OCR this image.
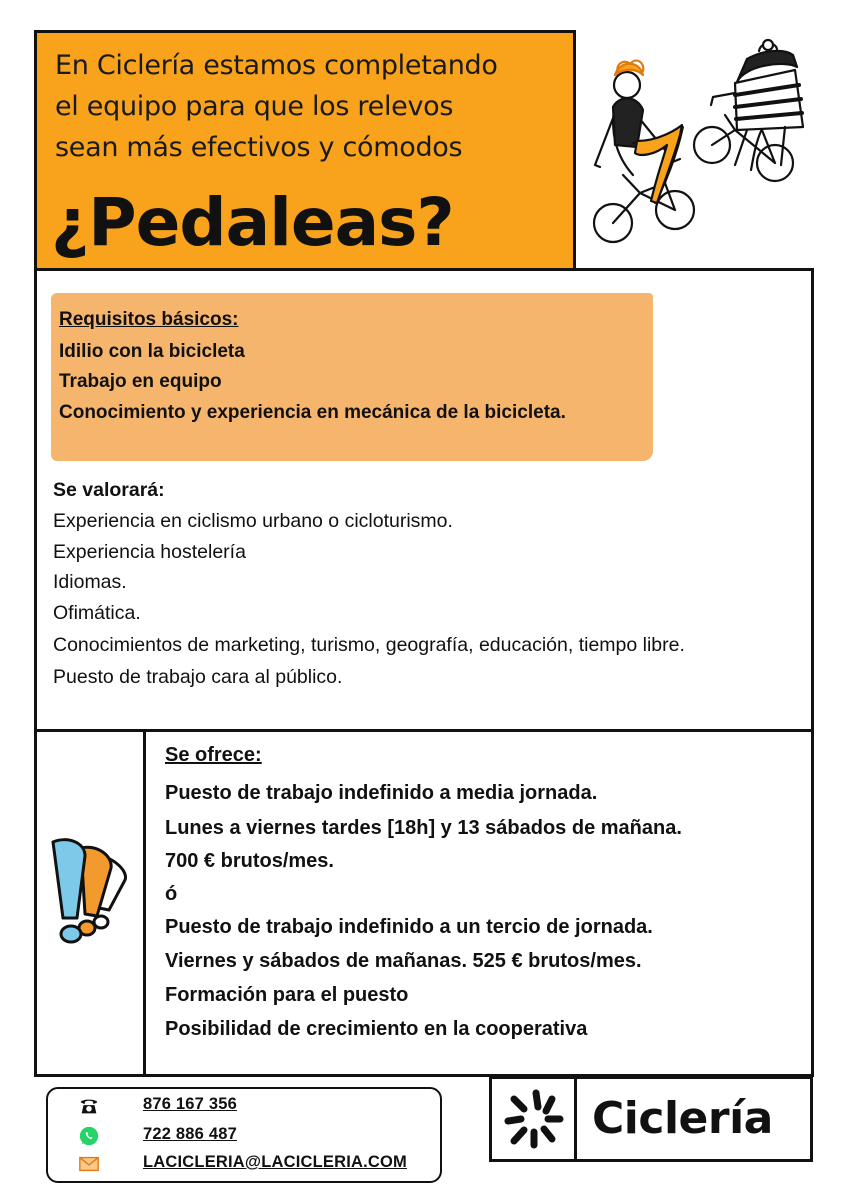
En Ciclería estamos completando
el equipo para que los relevos
sean más efectivos y cómodos
¿Pedaleas?
Requisitos básicos:
Idilio con la bicicleta
Trabajo en equipo
Conocimiento y experiencia en mecánica de la bicicleta.
Se valorará:
Experiencia en ciclismo urbano o cicloturismo.
Experiencia hostelería
Idiomas.
Ofimática.
Conocimientos de marketing, turismo, geografía, educación, tiempo libre.
Puesto de trabajo cara al público.
Se ofrece:
Puesto de trabajo indefinido a media jornada.
Lunes a viernes tardes [18h] y 13 sábados de mañana.
700 € brutos/mes.
ó
Puesto de trabajo indefinido a un tercio de jornada.
Viernes y sábados de mañanas. 525 € brutos/mes.
Formación para el puesto
Posibilidad de crecimiento en la cooperativa
876 167 356
722 886 487
LACICLERIA@LACICLERIA.COM
Ciclería
